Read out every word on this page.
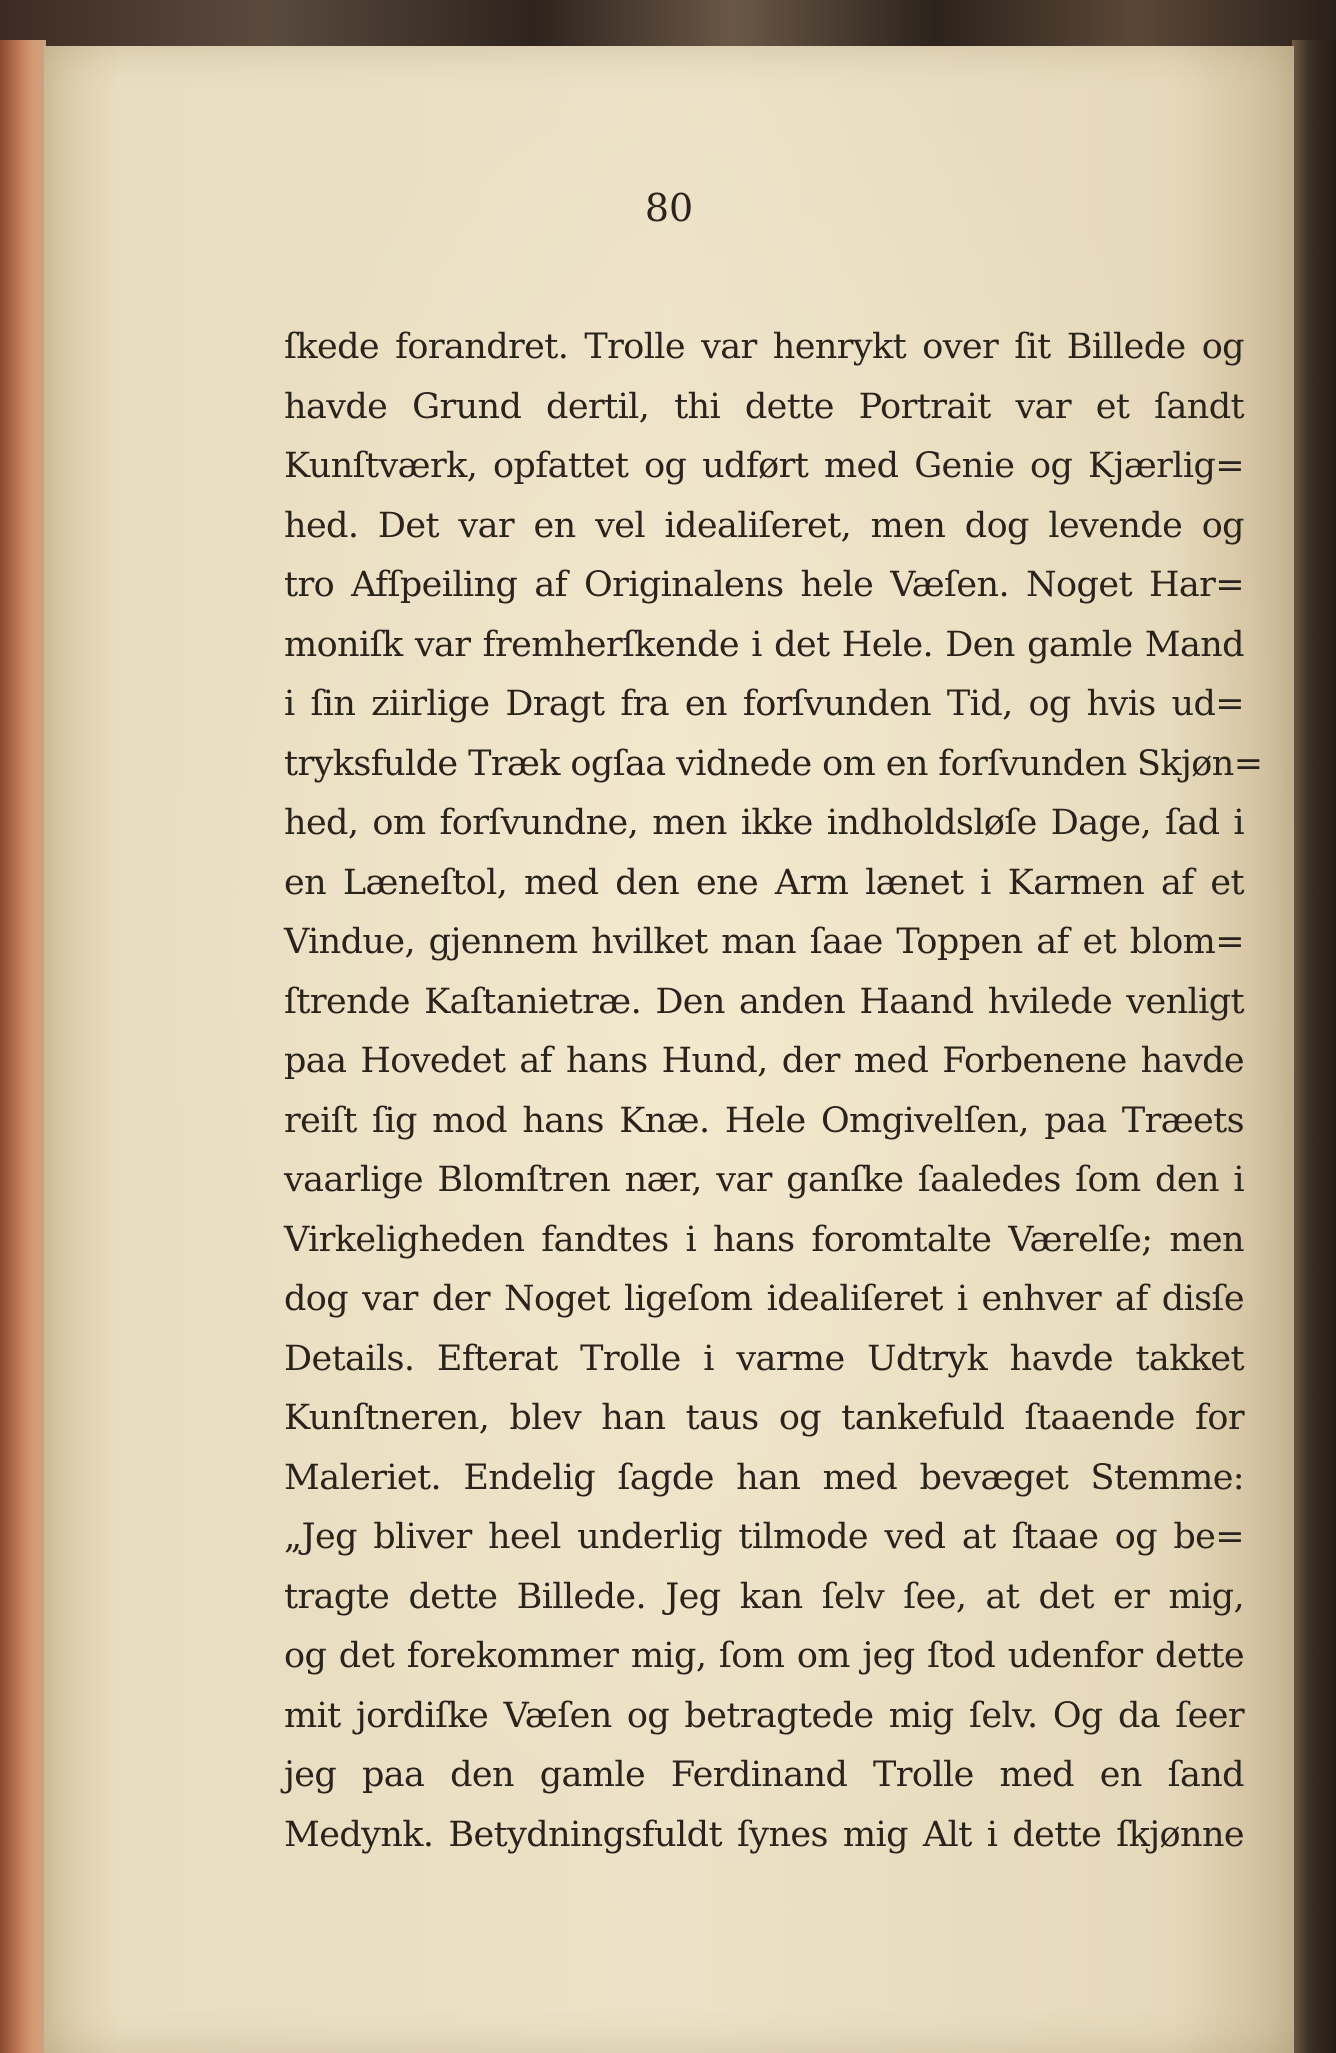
80
ſkede forandret. Trolle var henrykt over ſit Billede og
havde Grund dertil, thi dette Portrait var et ſandt
Kunſtværk, opfattet og udført med Genie og Kjærlig=
hed. Det var en vel idealiſeret, men dog levende og
tro Afſpeiling af Originalens hele Væſen. Noget Har=
moniſk var fremherſkende i det Hele. Den gamle Mand
i ſin ziirlige Dragt fra en forſvunden Tid, og hvis ud=
tryksfulde Træk ogſaa vidnede om en forſvunden Skjøn=
hed, om forſvundne, men ikke indholdsløſe Dage, ſad i
en Læneſtol, med den ene Arm lænet i Karmen af et
Vindue, gjennem hvilket man ſaae Toppen af et blom=
ſtrende Kaſtanietræ. Den anden Haand hvilede venligt
paa Hovedet af hans Hund, der med Forbenene havde
reiſt ſig mod hans Knæ. Hele Omgivelſen, paa Træets
vaarlige Blomſtren nær, var ganſke ſaaledes ſom den i
Virkeligheden fandtes i hans foromtalte Værelſe; men
dog var der Noget ligeſom idealiſeret i enhver af disſe
Details. Efterat Trolle i varme Udtryk havde takket
Kunſtneren, blev han taus og tankefuld ſtaaende for
Maleriet. Endelig ſagde han med bevæget Stemme:
„Jeg bliver heel underlig tilmode ved at ſtaae og be=
tragte dette Billede. Jeg kan ſelv ſee, at det er mig,
og det forekommer mig, ſom om jeg ſtod udenfor dette
mit jordiſke Væſen og betragtede mig ſelv. Og da ſeer
jeg paa den gamle Ferdinand Trolle med en ſand
Medynk. Betydningsfuldt ſynes mig Alt i dette ſkjønne
